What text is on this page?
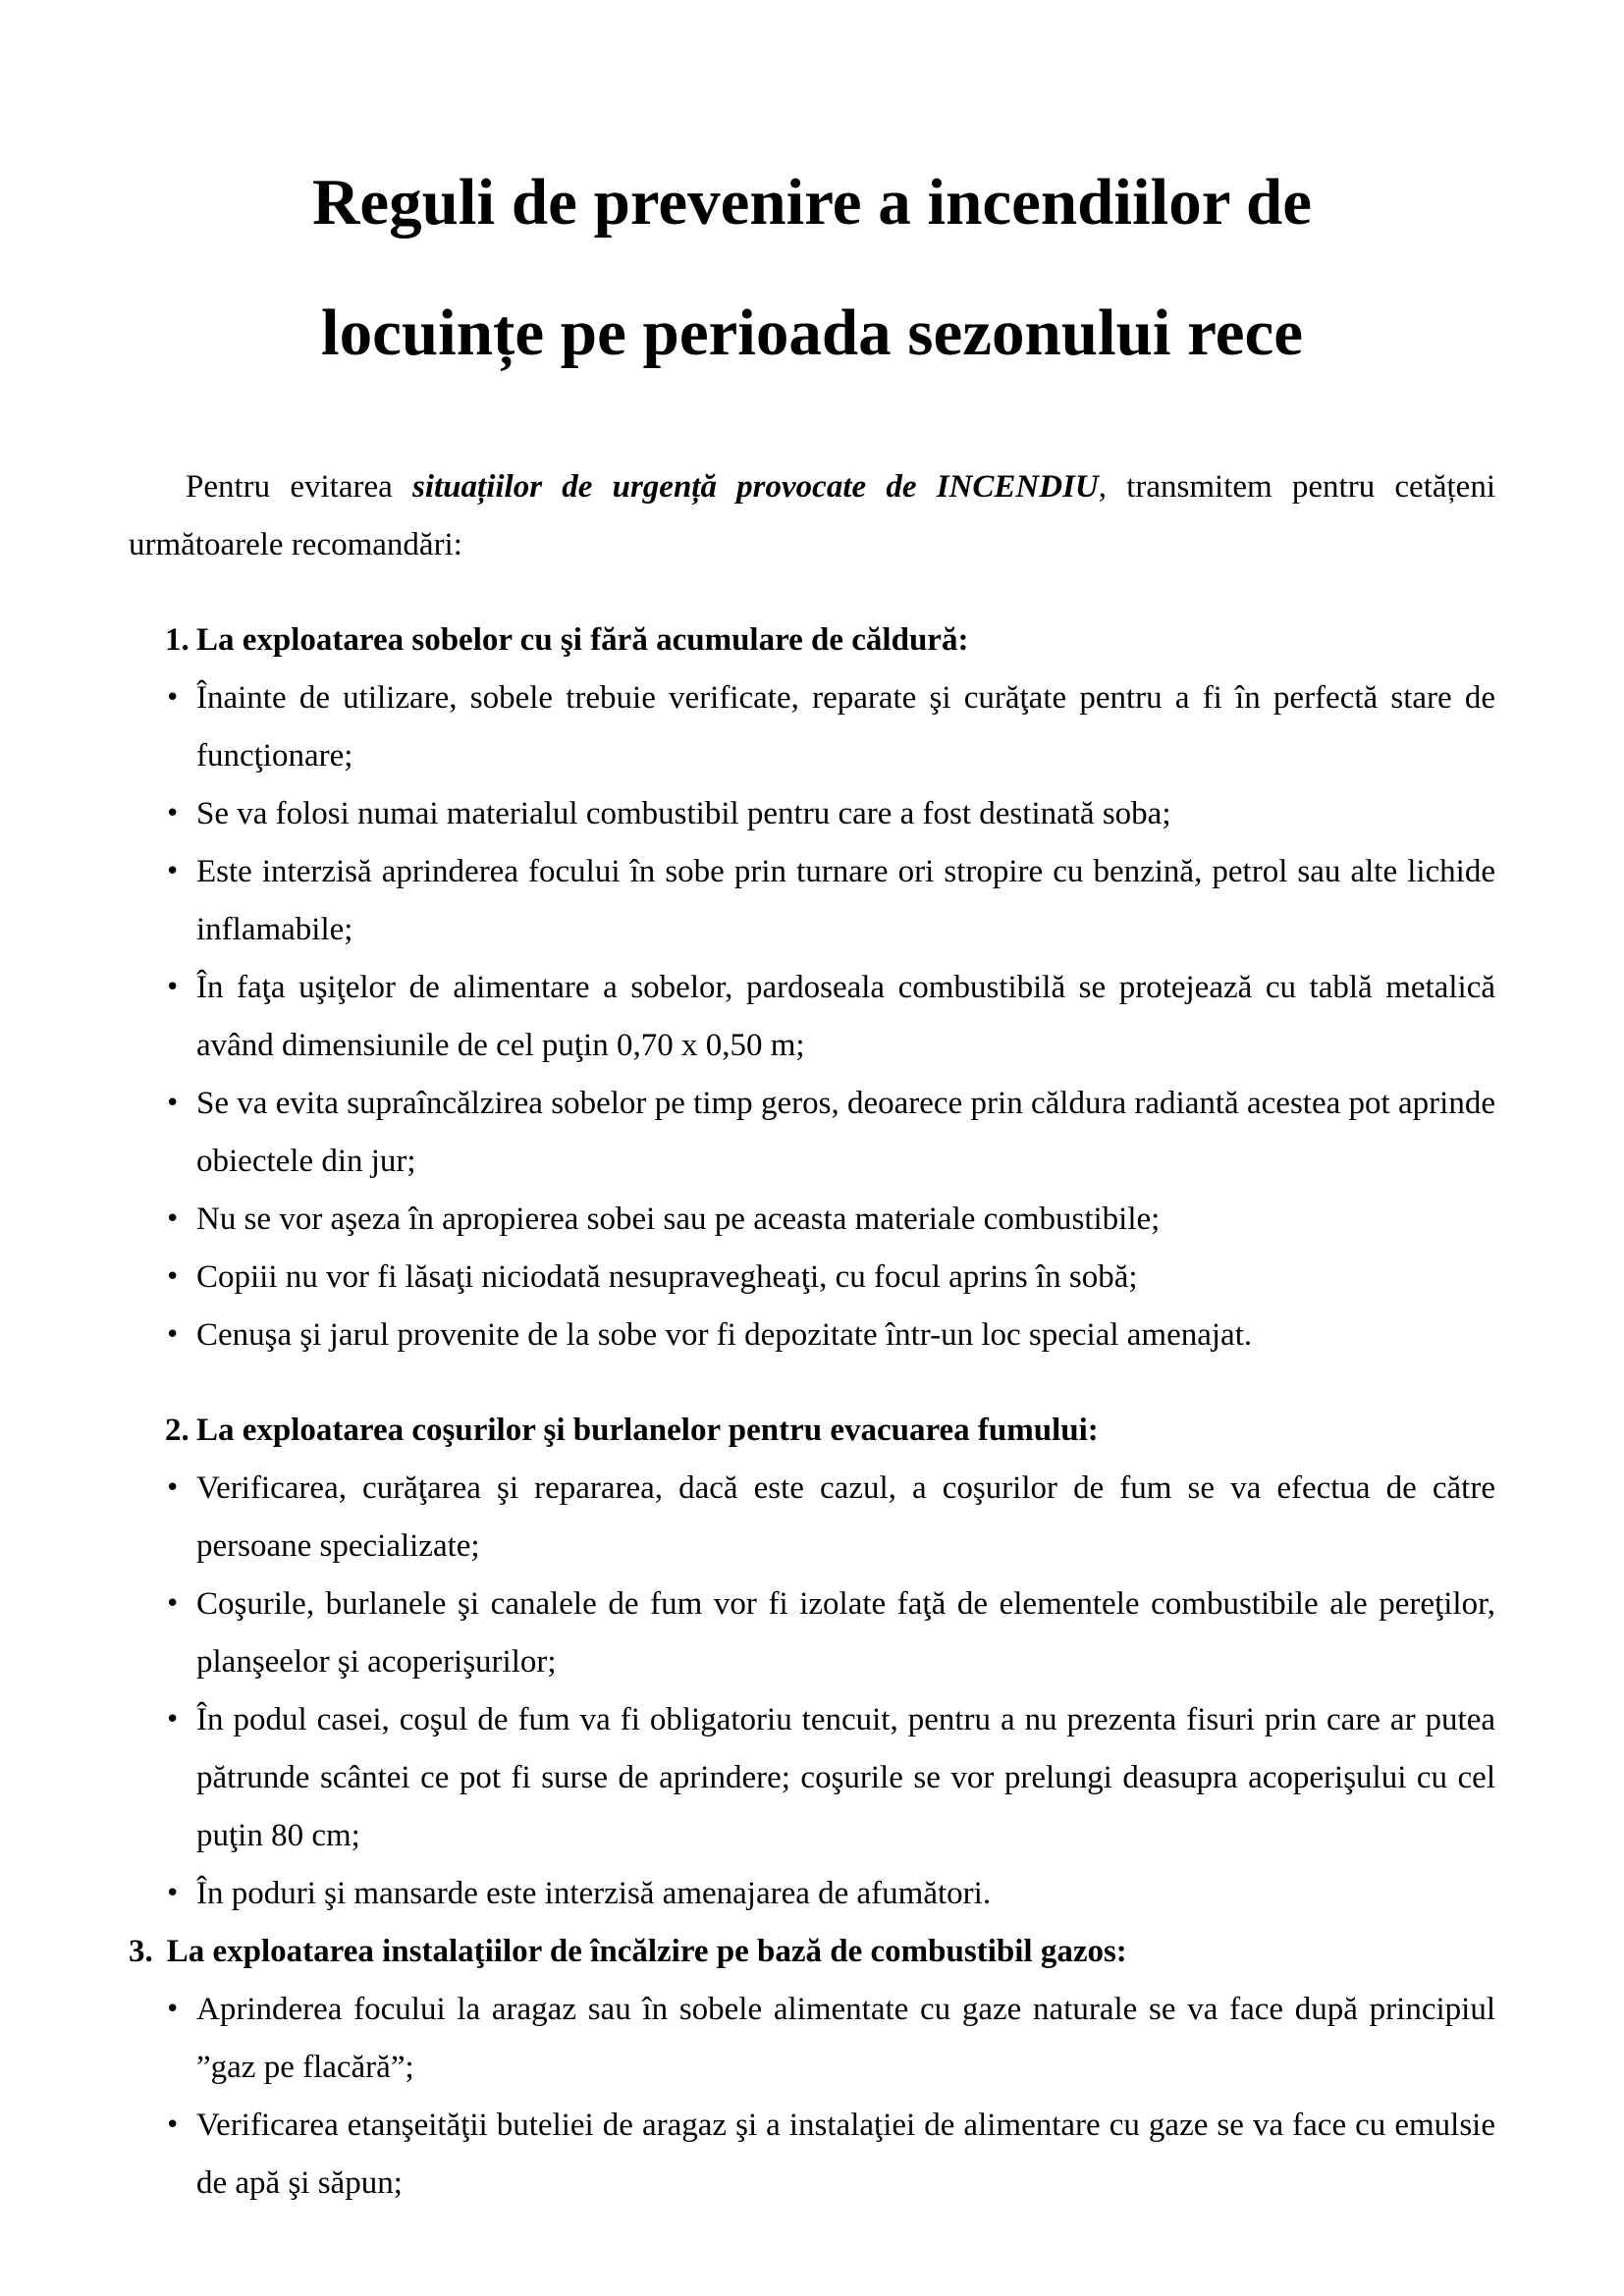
Reguli de prevenire a incendiilor de
locuințe pe perioada sezonului rece

Pentru evitarea situațiilor de urgență provocate de INCENDIU, transmitem pentru cetățeni următoarele recomandări:

1. La exploatarea sobelor cu şi fără acumulare de căldură:
• Înainte de utilizare, sobele trebuie verificate, reparate şi curăţate pentru a fi în perfectă stare de funcţionare;
• Se va folosi numai materialul combustibil pentru care a fost destinată soba;
• Este interzisă aprinderea focului în sobe prin turnare ori stropire cu benzină, petrol sau alte lichide inflamabile;
• În faţa uşiţelor de alimentare a sobelor, pardoseala combustibilă se protejează cu tablă metalică având dimensiunile de cel puţin 0,70 x 0,50 m;
• Se va evita supraîncălzirea sobelor pe timp geros, deoarece prin căldura radiantă acestea pot aprinde obiectele din jur;
• Nu se vor aşeza în apropierea sobei sau pe aceasta materiale combustibile;
• Copiii nu vor fi lăsaţi niciodată nesupravegheaţi, cu focul aprins în sobă;
• Cenuşa şi jarul provenite de la sobe vor fi depozitate într-un loc special amenajat.
2. La exploatarea coşurilor şi burlanelor pentru evacuarea fumului:
• Verificarea, curăţarea şi repararea, dacă este cazul, a coşurilor de fum se va efectua de către persoane specializate;
• Coşurile, burlanele şi canalele de fum vor fi izolate faţă de elementele combustibile ale pereţilor, planşeelor şi acoperişurilor;
• În podul casei, coşul de fum va fi obligatoriu tencuit, pentru a nu prezenta fisuri prin care ar putea pătrunde scântei ce pot fi surse de aprindere; coşurile se vor prelungi deasupra acoperişului cu cel puţin 80 cm;
• În poduri şi mansarde este interzisă amenajarea de afumători.
3. La exploatarea instalaţiilor de încălzire pe bază de combustibil gazos:
• Aprinderea focului la aragaz sau în sobele alimentate cu gaze naturale se va face după principiul ”gaz pe flacără”;
• Verificarea etanşeităţii buteliei de aragaz şi a instalaţiei de alimentare cu gaze se va face cu emulsie de apă şi săpun;
